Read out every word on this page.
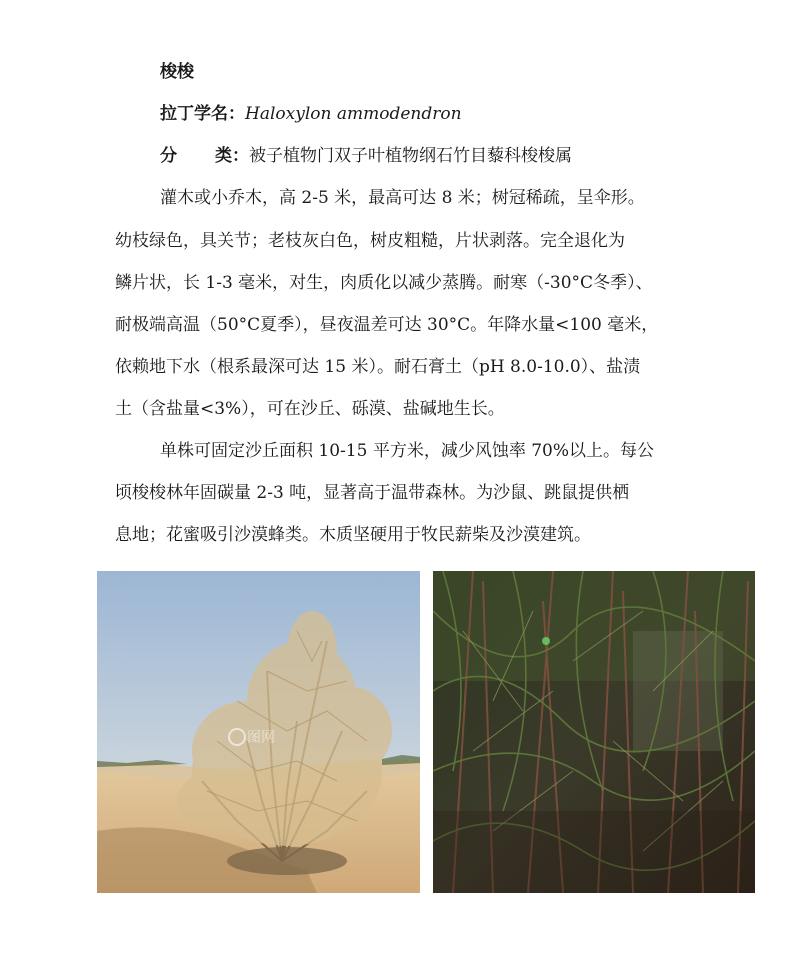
梭梭
拉丁学名：Haloxylon ammodendron
分 类：被子植物门双子叶植物纲石竹目藜科梭梭属
灌木或小乔木，高 2-5 米，最高可达 8 米；树冠稀疏，呈伞形。
幼枝绿色，具关节；老枝灰白色，树皮粗糙，片状剥落。完全退化为
鳞片状，长 1-3 毫米，对生，肉质化以减少蒸腾。耐寒（-30°C冬季）、
耐极端高温（50°C夏季），昼夜温差可达 30°C。年降水量<100 毫米，
依赖地下水（根系最深可达 15 米）。耐石膏土（pH 8.0-10.0）、盐渍
土（含盐量<3%），可在沙丘、砾漠、盐碱地生长。
单株可固定沙丘面积 10-15 平方米，减少风蚀率 70%以上。每公
顷梭梭林年固碳量 2-3 吨，显著高于温带森林。为沙鼠、跳鼠提供栖
息地；花蜜吸引沙漠蜂类。木质坚硬用于牧民薪柴及沙漠建筑。
图网
